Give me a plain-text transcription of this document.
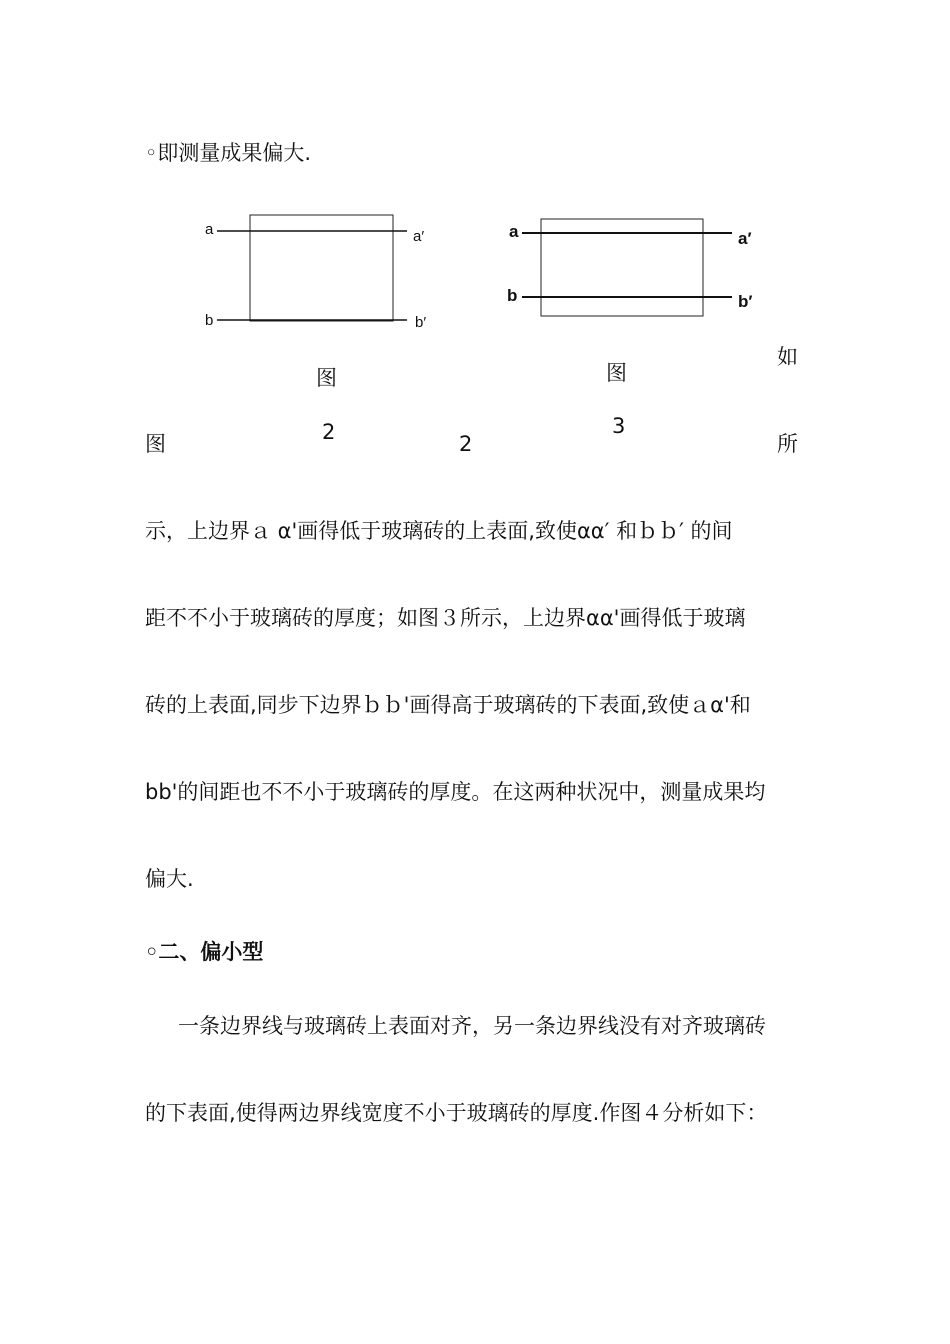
◦即测量成果偏大.

a	a′
b	b′
a	a′
b	b′
图
2
图
3
如
图	2	所

示，上边界ａ α'画得低于玻璃砖的上表面,致使αα′ 和ｂｂ′ 的间

距不不小于玻璃砖的厚度；如图３所示，上边界αα'画得低于玻璃

砖的上表面,同步下边界ｂｂ'画得高于玻璃砖的下表面,致使ａα'和

bb'的间距也不不小于玻璃砖的厚度。在这两种状况中，测量成果均

偏大.

◦二、偏小型

一条边界线与玻璃砖上表面对齐，另一条边界线没有对齐玻璃砖

的下表面,使得两边界线宽度不小于玻璃砖的厚度.作图４分析如下：
